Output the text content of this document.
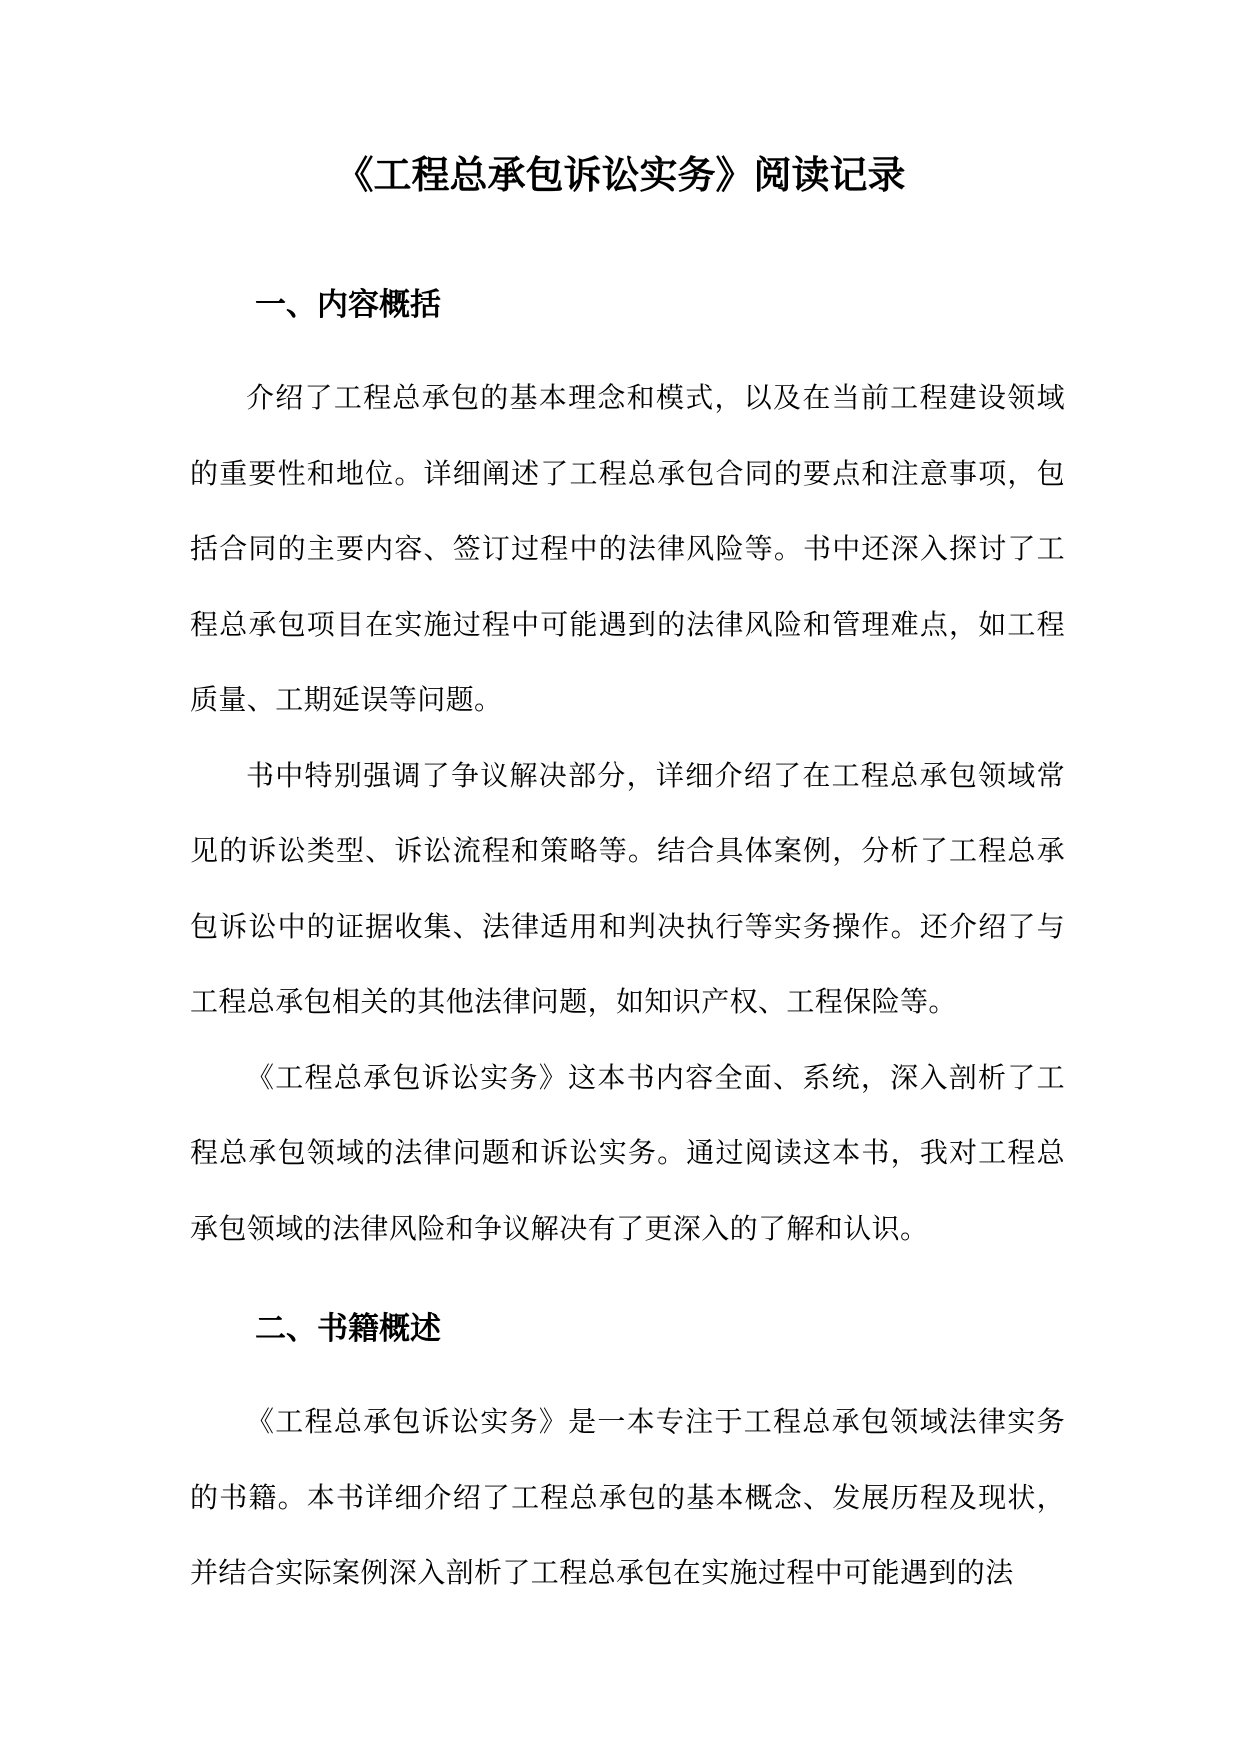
《工程总承包诉讼实务》阅读记录
一、内容概括

介绍了工程总承包的基本理念和模式，以及在当前工程建设领域的重要性和地位。详细阐述了工程总承包合同的要点和注意事项，包括合同的主要内容、签订过程中的法律风险等。书中还深入探讨了工程总承包项目在实施过程中可能遇到的法律风险和管理难点，如工程质量、工期延误等问题。

书中特别强调了争议解决部分，详细介绍了在工程总承包领域常见的诉讼类型、诉讼流程和策略等。结合具体案例，分析了工程总承包诉讼中的证据收集、法律适用和判决执行等实务操作。还介绍了与工程总承包相关的其他法律问题，如知识产权、工程保险等。

《工程总承包诉讼实务》这本书内容全面、系统，深入剖析了工程总承包领域的法律问题和诉讼实务。通过阅读这本书，我对工程总承包领域的法律风险和争议解决有了更深入的了解和认识。

二、书籍概述

《工程总承包诉讼实务》是一本专注于工程总承包领域法律实务的书籍。本书详细介绍了工程总承包的基本概念、发展历程及现状，并结合实际案例深入剖析了工程总承包在实施过程中可能遇到的法
